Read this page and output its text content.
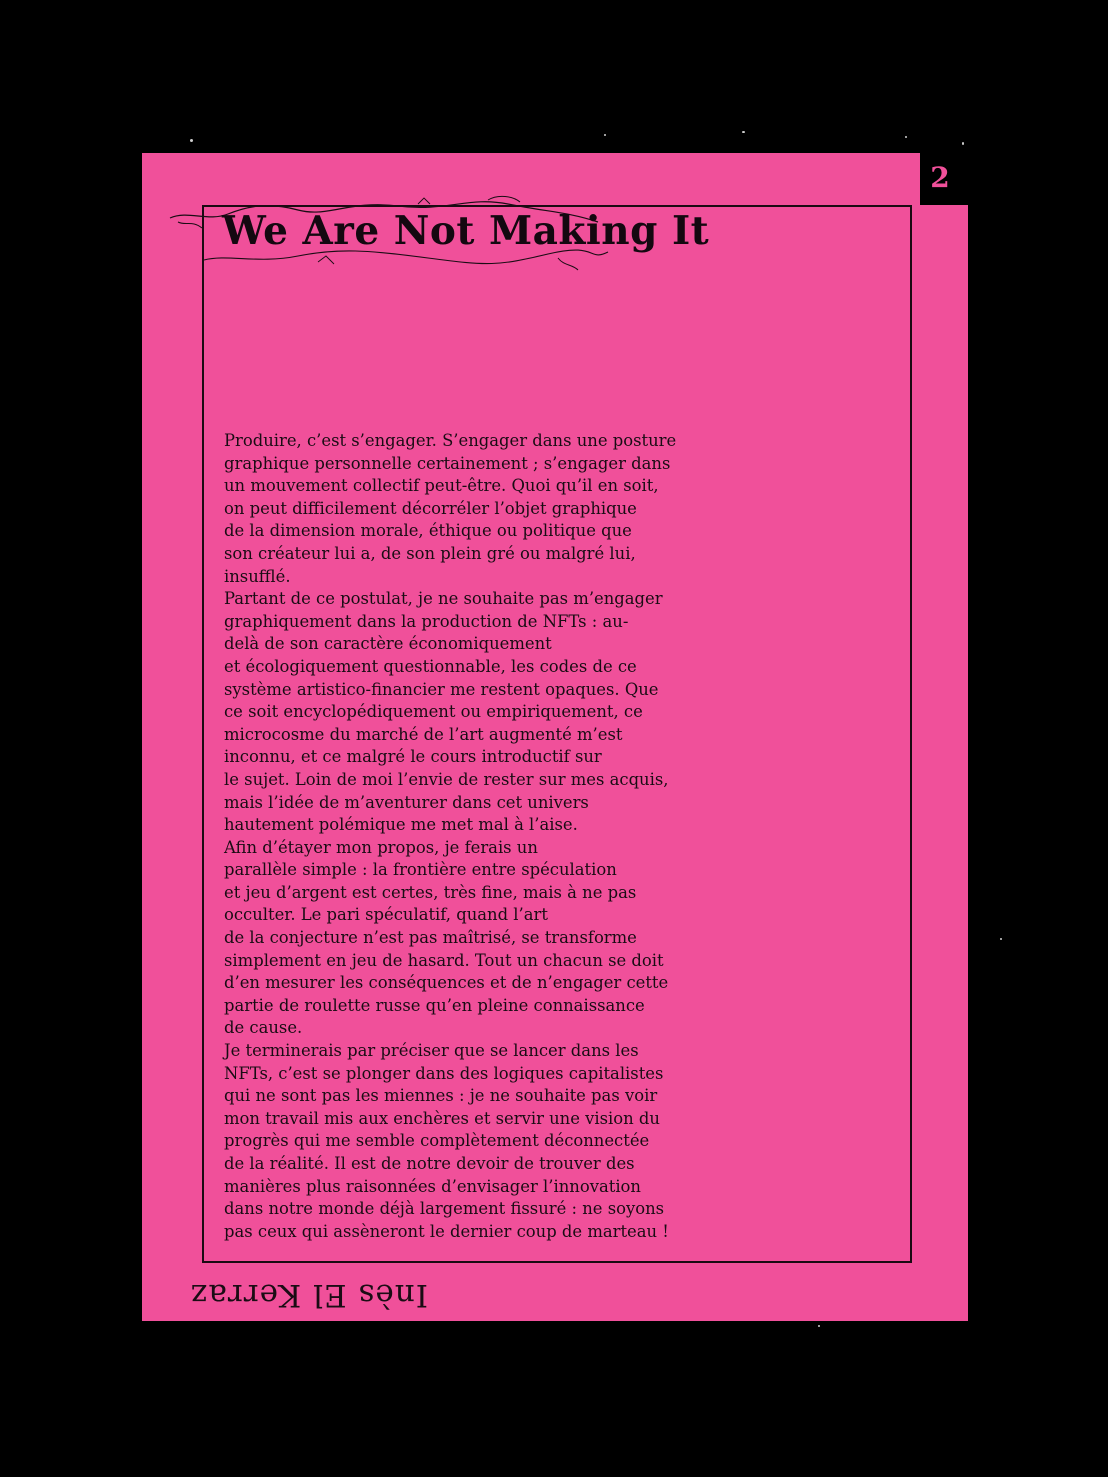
2
We Are Not Making It
Produire, c’est s’engager. S’engager dans une posture
graphique personnelle certainement ; s’engager dans
un mouvement collectif peut-être. Quoi qu’il en soit,
on peut difficilement décorréler l’objet graphique
de la dimension morale, éthique ou politique que
son créateur lui a, de son plein gré ou malgré lui,
insufflé.
Partant de ce postulat, je ne souhaite pas m’engager
graphiquement dans la production de NFTs : au-
delà de son caractère économiquement
et écologiquement questionnable, les codes de ce
système artistico-financier me restent opaques. Que
ce soit encyclopédiquement ou empiriquement, ce
microcosme du marché de l’art augmenté m’est
inconnu, et ce malgré le cours introductif sur
le sujet. Loin de moi l’envie de rester sur mes acquis,
mais l’idée de m’aventurer dans cet univers
hautement polémique me met mal à l’aise.
Afin d’étayer mon propos, je ferais un
parallèle simple : la frontière entre spéculation
et jeu d’argent est certes, très fine, mais à ne pas
occulter. Le pari spéculatif, quand l’art
de la conjecture n’est pas maîtrisé, se transforme
simplement en jeu de hasard. Tout un chacun se doit
d’en mesurer les conséquences et de n’engager cette
partie de roulette russe qu’en pleine connaissance
de cause.
Je terminerais par préciser que se lancer dans les
NFTs, c’est se plonger dans des logiques capitalistes
qui ne sont pas les miennes : je ne souhaite pas voir
mon travail mis aux enchères et servir une vision du
progrès qui me semble complètement déconnectée
de la réalité. Il est de notre devoir de trouver des
manières plus raisonnées d’envisager l’innovation
dans notre monde déjà largement fissuré : ne soyons
pas ceux qui assèneront le dernier coup de marteau !
Inès El Kerraz
